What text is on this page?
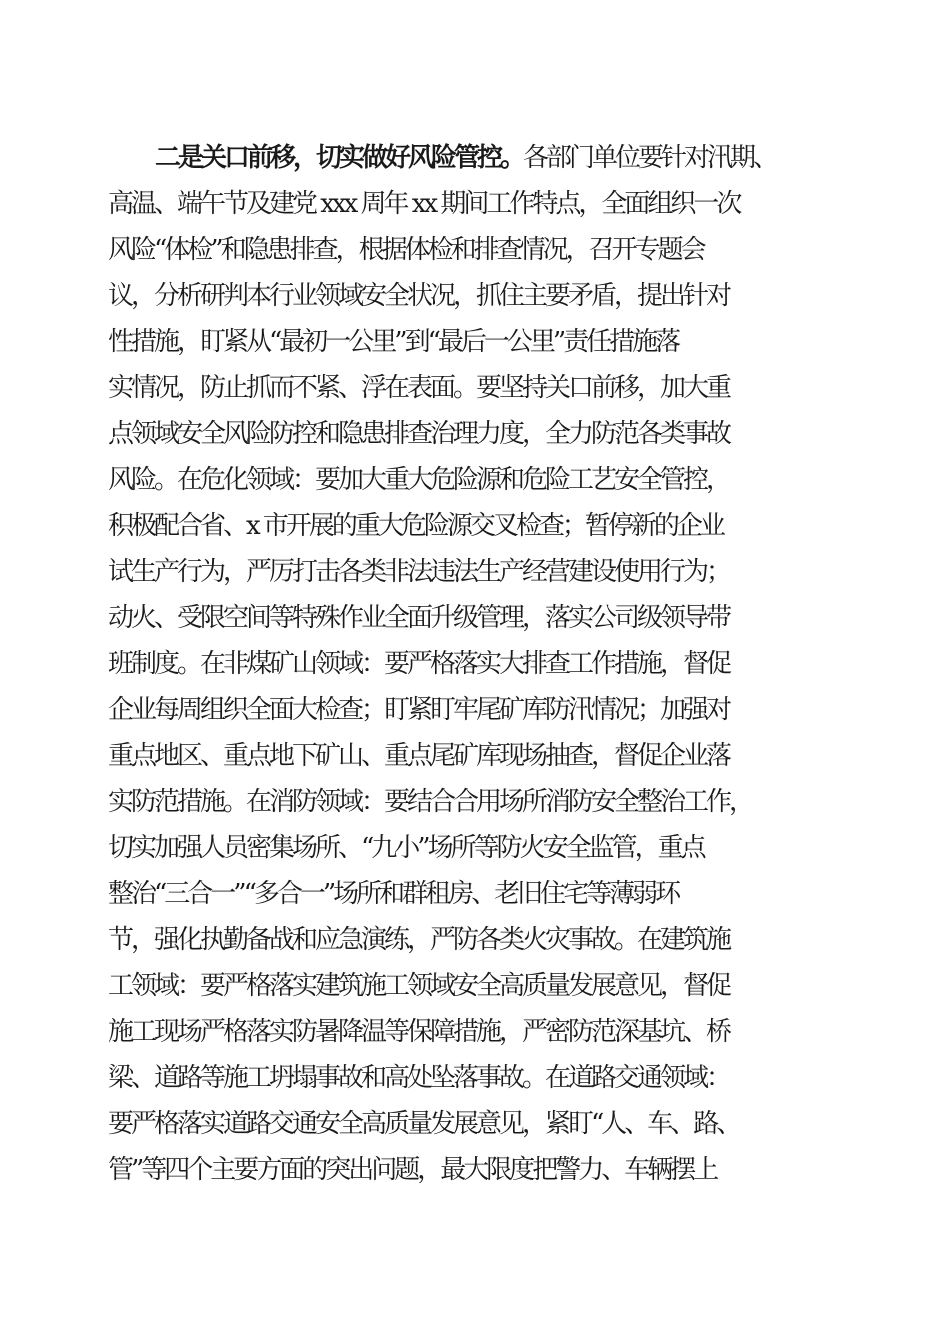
二是关口前移，切实做好风险管控。各部门单位要针对汛期、
高温、端午节及建党 xxx 周年 xx 期间工作特点，全面组织一次
风险“体检”和隐患排查，根据体检和排查情况，召开专题会
议，分析研判本行业领域安全状况，抓住主要矛盾，提出针对
性措施，盯紧从“最初一公里”到“最后一公里”责任措施落
实情况，防止抓而不紧、浮在表面。要坚持关口前移，加大重
点领域安全风险防控和隐患排查治理力度，全力防范各类事故
风险。在危化领域：要加大重大危险源和危险工艺安全管控，
积极配合省、x 市开展的重大危险源交叉检查；暂停新的企业
试生产行为，严厉打击各类非法违法生产经营建设使用行为；
动火、受限空间等特殊作业全面升级管理，落实公司级领导带
班制度。在非煤矿山领域：要严格落实大排查工作措施，督促
企业每周组织全面大检查；盯紧盯牢尾矿库防汛情况；加强对
重点地区、重点地下矿山、重点尾矿库现场抽查，督促企业落
实防范措施。在消防领域：要结合合用场所消防安全整治工作，
切实加强人员密集场所、“九小”场所等防火安全监管，重点
整治“三合一”“多合一”场所和群租房、老旧住宅等薄弱环
节，强化执勤备战和应急演练，严防各类火灾事故。在建筑施
工领域：要严格落实建筑施工领域安全高质量发展意见，督促
施工现场严格落实防暑降温等保障措施，严密防范深基坑、桥
梁、道路等施工坍塌事故和高处坠落事故。在道路交通领域：
要严格落实道路交通安全高质量发展意见，紧盯“人、车、路、
管”等四个主要方面的突出问题，最大限度把警力、车辆摆上
